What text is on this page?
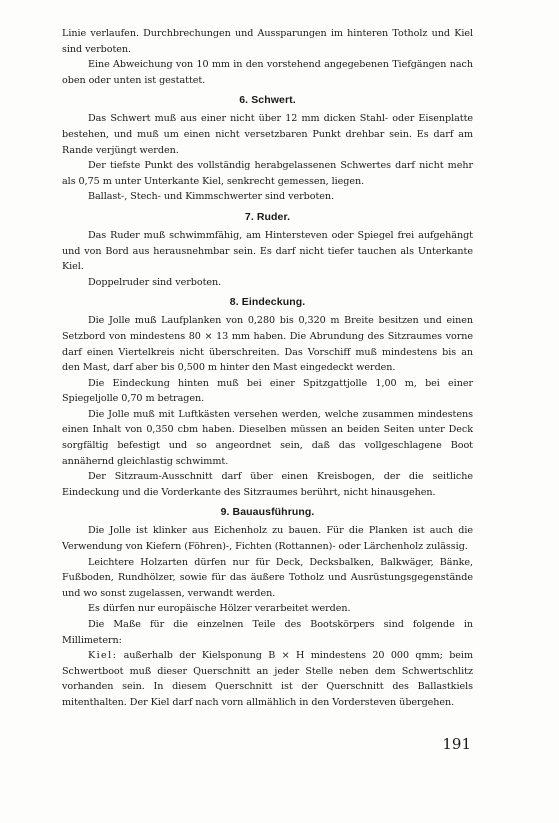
Linie verlaufen. Durchbrechungen und Aussparungen im hinteren Totholz und Kiel sind verboten.

Eine Abweichung von 10 mm in den vorstehend angegebenen Tiefgängen nach oben oder unten ist gestattet.

6. Schwert.

Das Schwert muß aus einer nicht über 12 mm dicken Stahl- oder Eisenplatte bestehen, und muß um einen nicht versetzbaren Punkt drehbar sein. Es darf am Rande verjüngt werden.

Der tiefste Punkt des vollständig herabgelassenen Schwertes darf nicht mehr als 0,75 m unter Unterkante Kiel, senkrecht gemessen, liegen.

Ballast-, Stech- und Kimmschwerter sind verboten.

7. Ruder.

Das Ruder muß schwimmfähig, am Hintersteven oder Spiegel frei aufgehängt und von Bord aus herausnehmbar sein. Es darf nicht tiefer tauchen als Unterkante Kiel.

Doppelruder sind verboten.

8. Eindeckung.

Die Jolle muß Laufplanken von 0,280 bis 0,320 m Breite besitzen und einen Setzbord von mindestens 80 × 13 mm haben. Die Abrundung des Sitzraumes vorne darf einen Viertelkreis nicht überschreiten. Das Vorschiff muß mindestens bis an den Mast, darf aber bis 0,500 m hinter den Mast eingedeckt werden.

Die Eindeckung hinten muß bei einer Spitzgattjolle 1,00 m, bei einer Spiegeljolle 0,70 m betragen.

Die Jolle muß mit Luftkästen versehen werden, welche zusammen mindestens einen Inhalt von 0,350 cbm haben. Dieselben müssen an beiden Seiten unter Deck sorgfältig befestigt und so angeordnet sein, daß das vollgeschlagene Boot annähernd gleichlastig schwimmt.

Der Sitzraum-Ausschnitt darf über einen Kreisbogen, der die seitliche Eindeckung und die Vorderkante des Sitzraumes berührt, nicht hinausgehen.

9. Bauausführung.

Die Jolle ist klinker aus Eichenholz zu bauen. Für die Planken ist auch die Verwendung von Kiefern (Föhren)-, Fichten (Rottannen)- oder Lärchenholz zulässig.

Leichtere Holzarten dürfen nur für Deck, Decksbalken, Balkwäger, Bänke, Fußboden, Rundhölzer, sowie für das äußere Totholz und Ausrüstungsgegenstände und wo sonst zugelassen, verwandt werden.

Es dürfen nur europäische Hölzer verarbeitet werden.

Die Maße für die einzelnen Teile des Bootskörpers sind folgende in Millimetern:

Kiel: außerhalb der Kielsponung B × H mindestens 20 000 qmm; beim Schwertboot muß dieser Querschnitt an jeder Stelle neben dem Schwertschlitz vorhanden sein. In diesem Querschnitt ist der Querschnitt des Ballastkiels mitenthalten. Der Kiel darf nach vorn allmählich in den Vordersteven übergehen.

191
